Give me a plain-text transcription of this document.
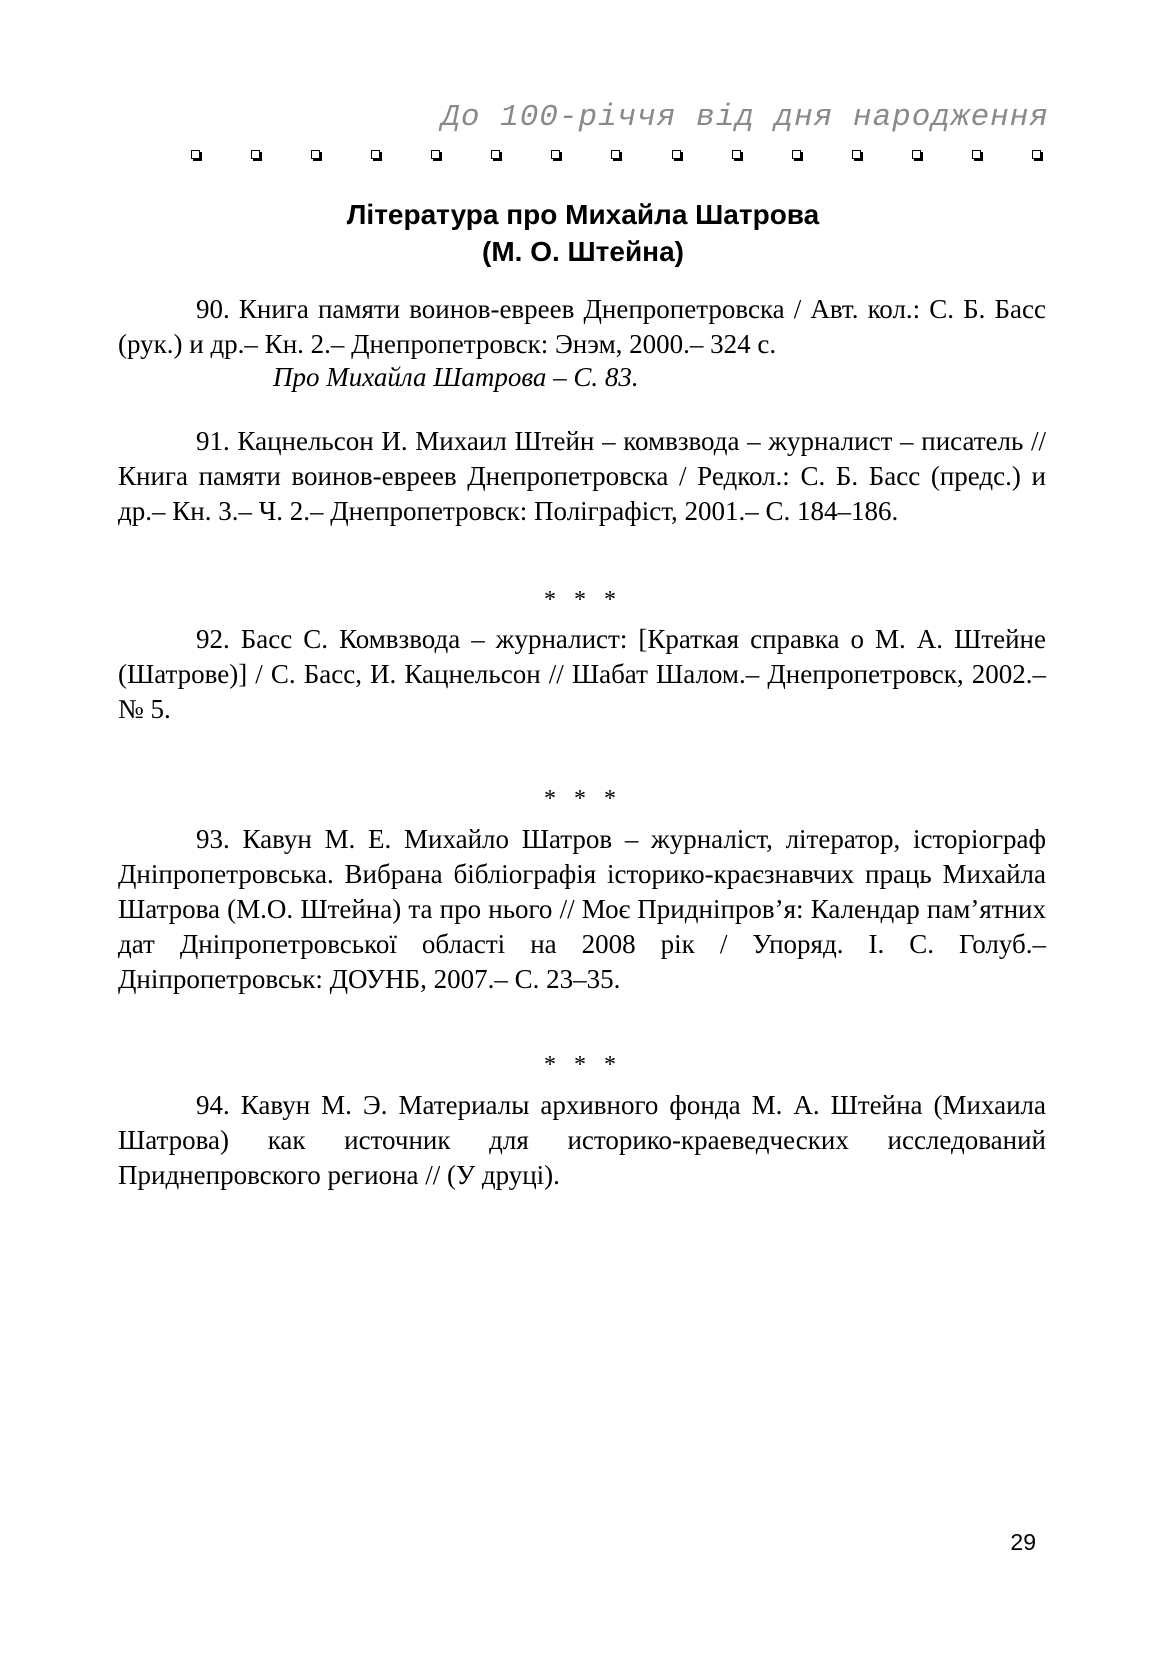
До 100-річчя від дня народження
Література про Михайла Шатрова
(М. О. Штейна)

90. Книга памяти воинов-евреев Днепропетровска / Авт. кол.: С. Б. Басс (рук.) и др.– Кн. 2.– Днепропетровск: Энэм, 2000.– 324 с.

Про Михайла Шатрова – С. 83.

91. Кацнельсон И. Михаил Штейн – комвзвода – журналист – писатель // Книга памяти воинов-евреев Днепропетровска / Редкол.: С. Б. Басс (предс.) и др.– Кн. 3.– Ч. 2.– Днепропетровск: Поліграфіст, 2001.– С. 184–186.

* * *

92. Басс С. Комвзвода – журналист: [Краткая справка о М. А. Штейне (Шатрове)] / С. Басс, И. Кацнельсон // Шабат Шалом.– Днепропетровск, 2002.– № 5.

* * *

93. Кавун М. Е. Михайло Шатров – журналіст, літератор, історіограф Дніпропетровська. Вибрана бібліографія історико-краєзнавчих праць Михайла Шатрова (М.О. Штейна) та про нього // Моє Придніпров’я: Календар пам’ятних дат Дніпропетровської області на 2008 рік / Упоряд. І. С. Голуб.– Дніпропетровськ: ДОУНБ, 2007.– С. 23–35.

* * *

94. Кавун М. Э. Материалы архивного фонда М. А. Штейна (Михаила Шатрова) как источник для историко-краеведческих исследований Приднепровского региона // (У друці).

29
